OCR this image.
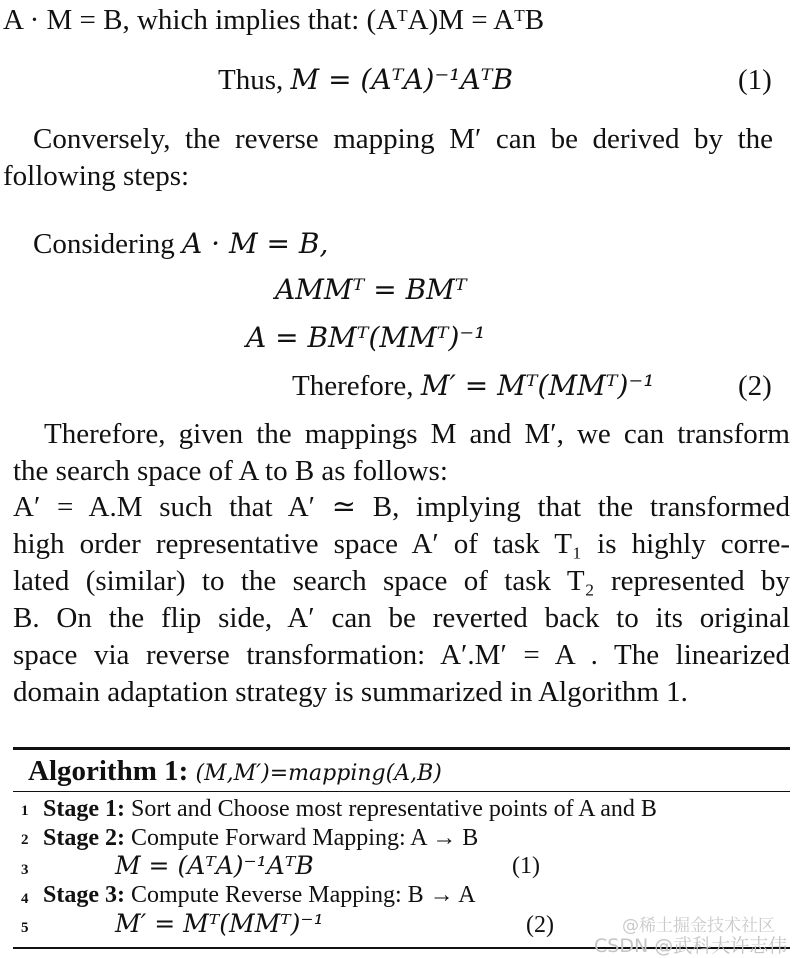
A · M = B, which implies that: (AᵀA)M = AᵀB
Thus, M = (AᵀA)⁻¹AᵀB	(1)
Conversely, the reverse mapping M′ can be derived by the
following steps:
Considering A · M = B,
AMMᵀ = BMᵀ
A = BMᵀ(MMᵀ)⁻¹
Therefore, M′ = Mᵀ(MMᵀ)⁻¹	(2)
Therefore, given the mappings M and M′, we can transform
the search space of A to B as follows:
A′ = A.M such that A′ ≃ B, implying that the transformed
high order representative space A′ of task T₁ is highly corre-
lated (similar) to the search space of task T₂ represented by
B. On the flip side, A′ can be reverted back to its original
space via reverse transformation: A′.M′ = A . The linearized
domain adaptation strategy is summarized in Algorithm 1.
Algorithm 1: (M,M′)=mapping(A,B)
1 Stage 1: Sort and Choose most representative points of A and B
2 Stage 2: Compute Forward Mapping: A → B
3	M = (AᵀA)⁻¹AᵀB	(1)
4 Stage 3: Compute Reverse Mapping: B → A
5	M′ = Mᵀ(MMᵀ)⁻¹	(2)	@稀土掘金技术社区
CSDN @武科大许志伟
